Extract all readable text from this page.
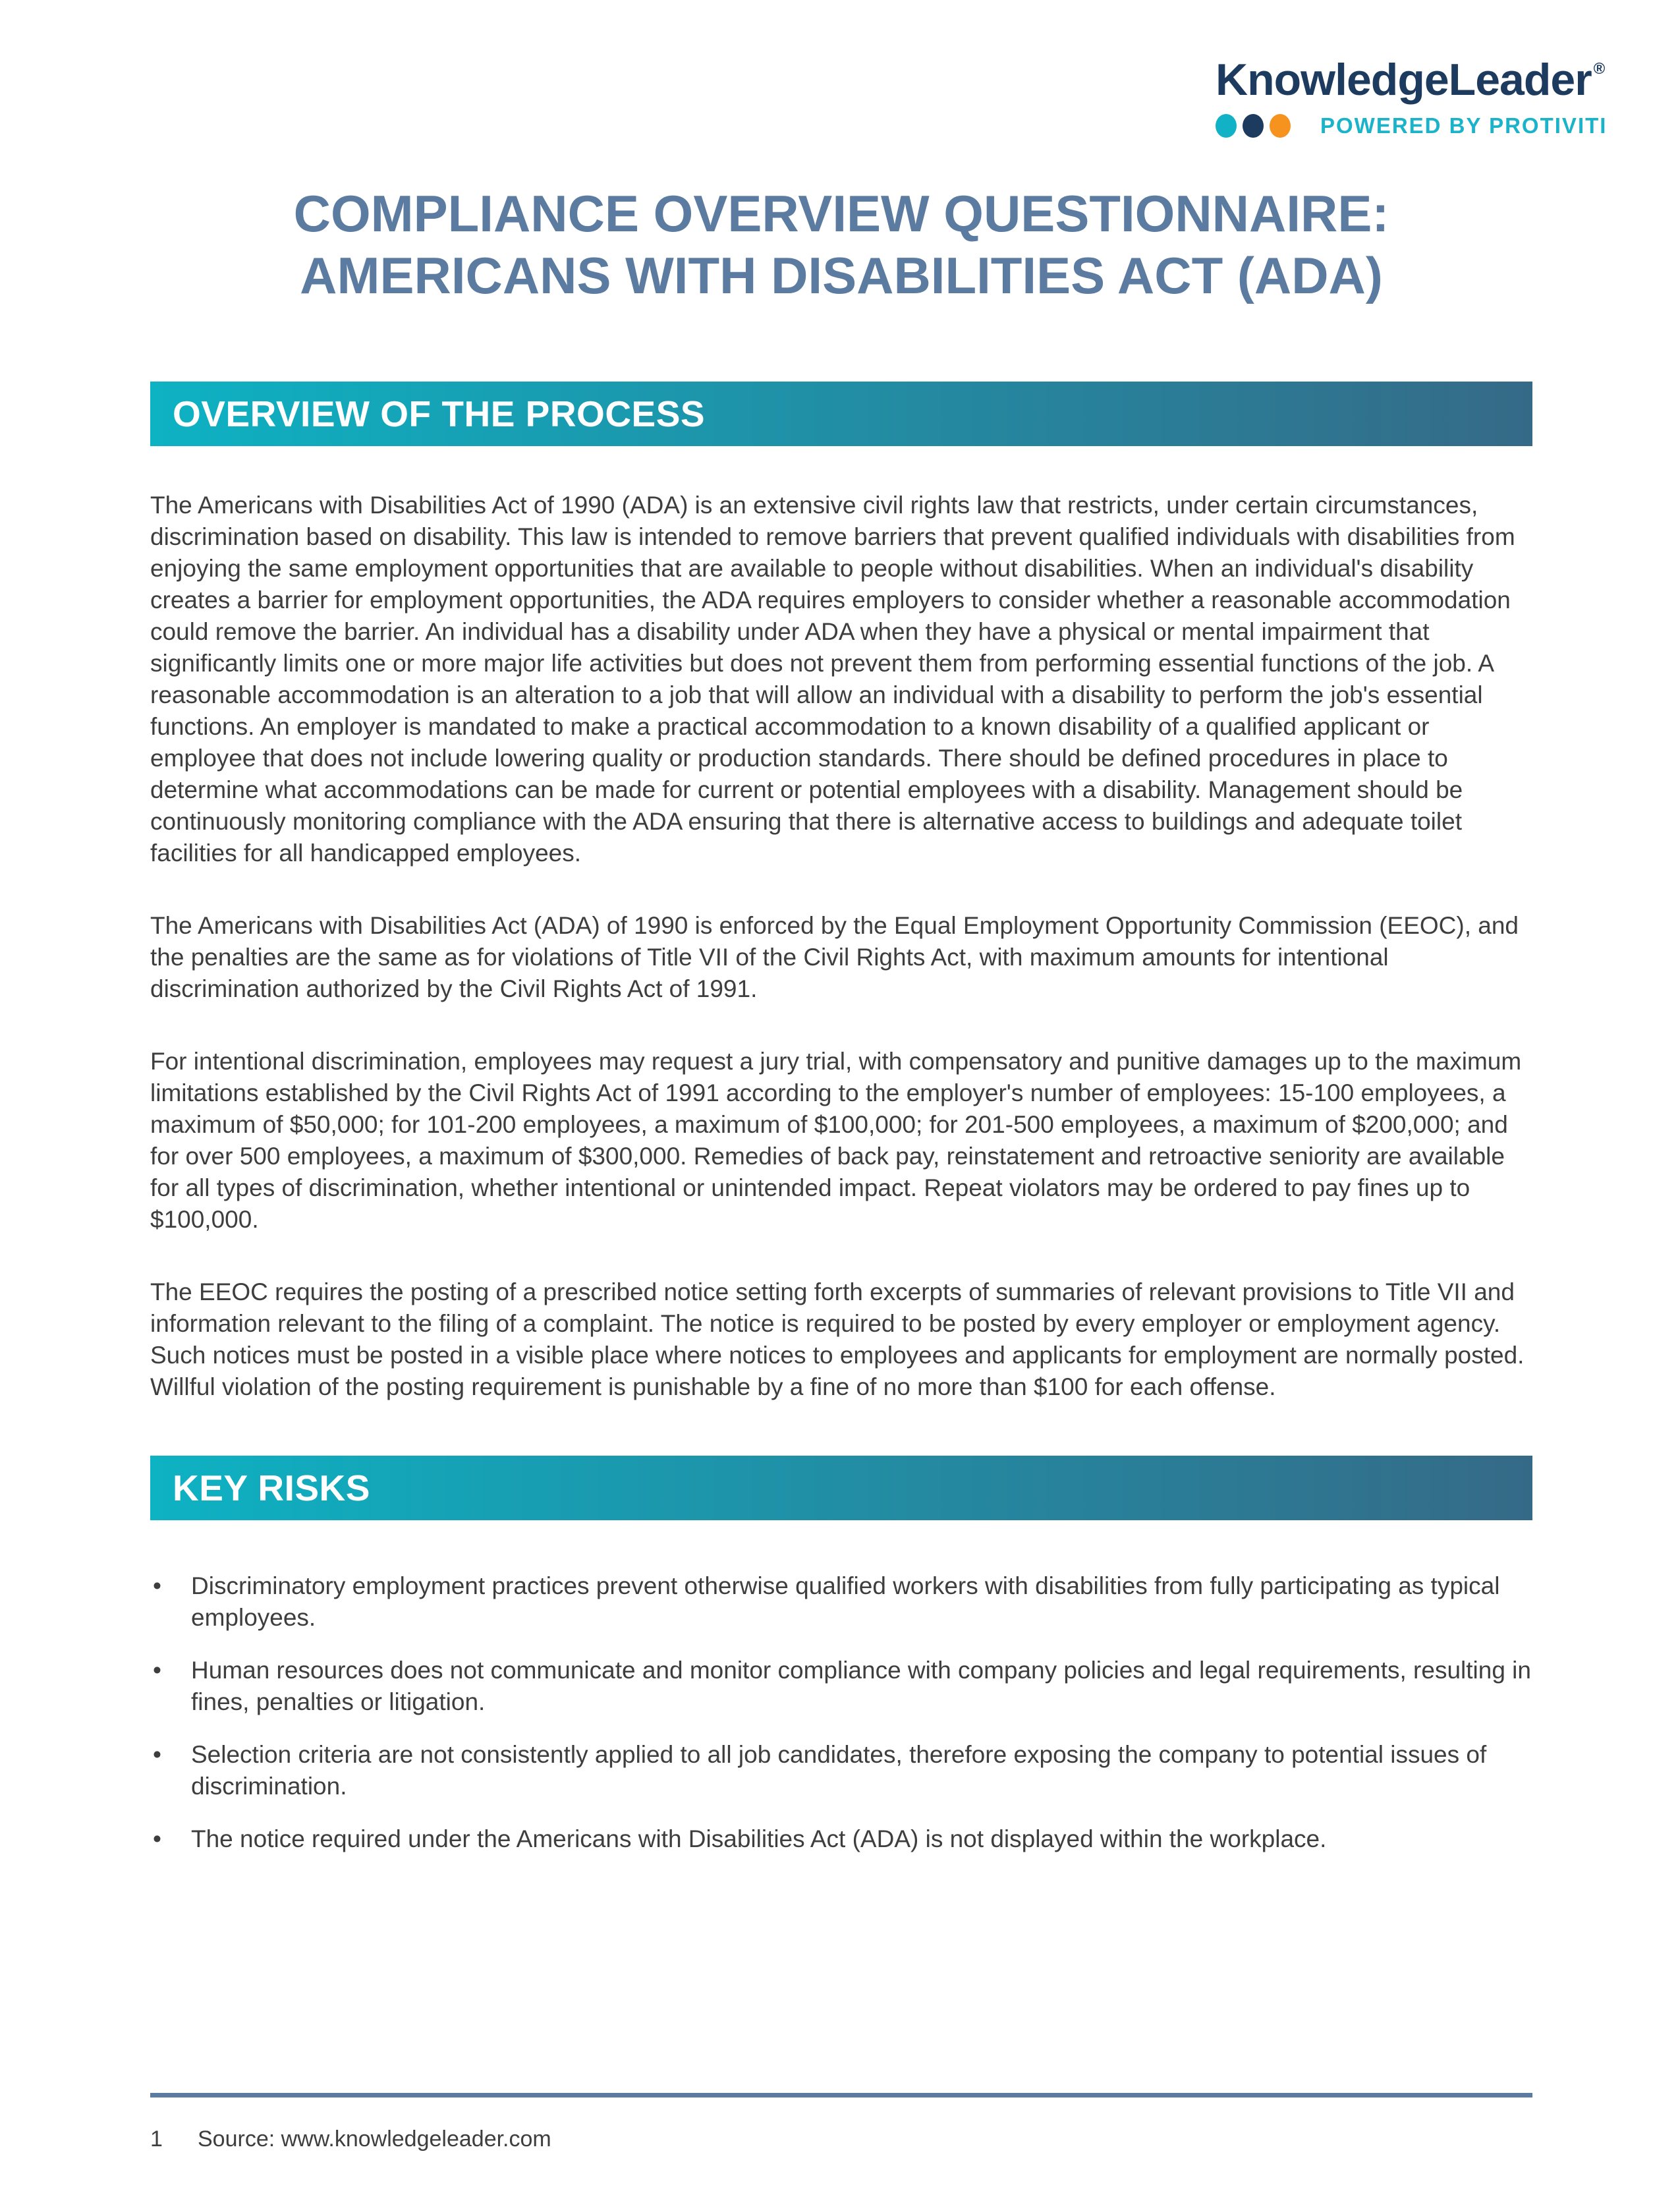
KnowledgeLeader ®
POWERED BY PROTIVITI
COMPLIANCE OVERVIEW QUESTIONNAIRE:
AMERICANS WITH DISABILITIES ACT (ADA)
OVERVIEW OF THE PROCESS

The Americans with Disabilities Act of 1990 (ADA) is an extensive civil rights law that restricts, under certain circumstances, discrimination based on disability. This law is intended to remove barriers that prevent qualified individuals with disabilities from enjoying the same employment opportunities that are available to people without disabilities. When an individual's disability creates a barrier for employment opportunities, the ADA requires employers to consider whether a reasonable accommodation could remove the barrier. An individual has a disability under ADA when they have a physical or mental impairment that significantly limits one or more major life activities but does not prevent them from performing essential functions of the job. A reasonable accommodation is an alteration to a job that will allow an individual with a disability to perform the job's essential functions. An employer is mandated to make a practical accommodation to a known disability of a qualified applicant or employee that does not include lowering quality or production standards. There should be defined procedures in place to determine what accommodations can be made for current or potential employees with a disability. Management should be continuously monitoring compliance with the ADA ensuring that there is alternative access to buildings and adequate toilet facilities for all handicapped employees.

The Americans with Disabilities Act (ADA) of 1990 is enforced by the Equal Employment Opportunity Commission (EEOC), and the penalties are the same as for violations of Title VII of the Civil Rights Act, with maximum amounts for intentional discrimination authorized by the Civil Rights Act of 1991.

For intentional discrimination, employees may request a jury trial, with compensatory and punitive damages up to the maximum limitations established by the Civil Rights Act of 1991 according to the employer's number of employees: 15-100 employees, a maximum of $50,000; for 101-200 employees, a maximum of $100,000; for 201-500 employees, a maximum of $200,000; and for over 500 employees, a maximum of $300,000. Remedies of back pay, reinstatement and retroactive seniority are available for all types of discrimination, whether intentional or unintended impact. Repeat violators may be ordered to pay fines up to $100,000.

The EEOC requires the posting of a prescribed notice setting forth excerpts of summaries of relevant provisions to Title VII and information relevant to the filing of a complaint. The notice is required to be posted by every employer or employment agency. Such notices must be posted in a visible place where notices to employees and applicants for employment are normally posted. Willful violation of the posting requirement is punishable by a fine of no more than $100 for each offense.

KEY RISKS
• Discriminatory employment practices prevent otherwise qualified workers with disabilities from fully participating as typical employees.
• Human resources does not communicate and monitor compliance with company policies and legal requirements, resulting in fines, penalties or litigation.
• Selection criteria are not consistently applied to all job candidates, therefore exposing the company to potential issues of discrimination.
• The notice required under the Americans with Disabilities Act (ADA) is not displayed within the workplace.
1	Source: www.knowledgeleader.com
